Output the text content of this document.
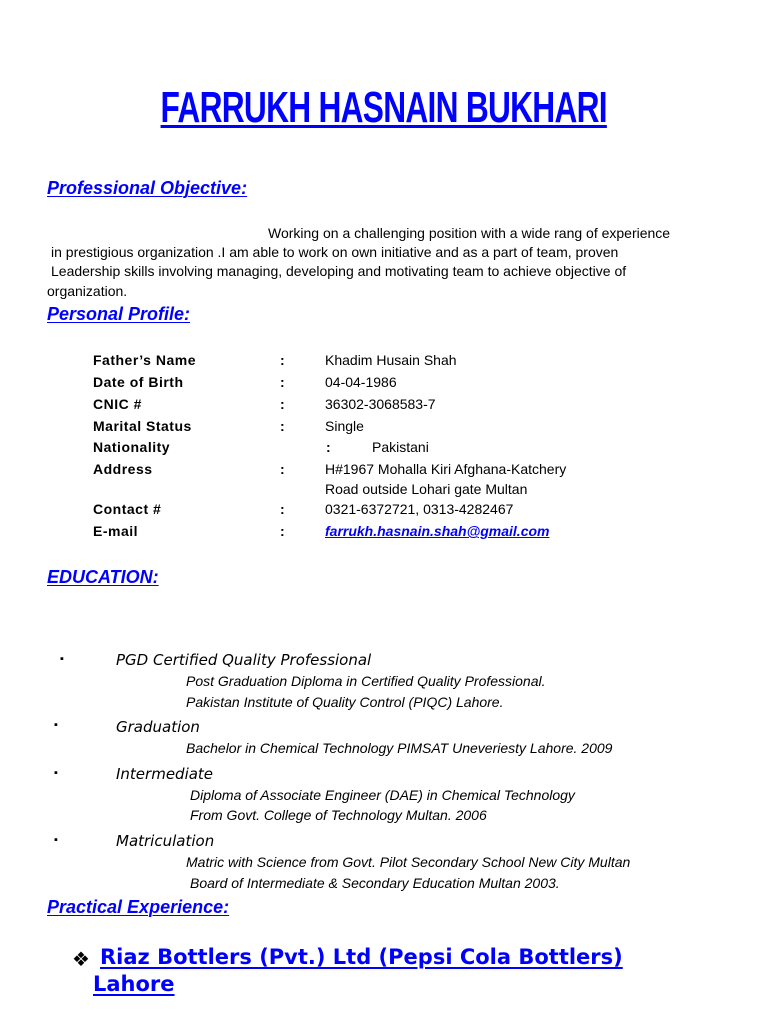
FARRUKH HASNAIN BUKHARI
Professional Objective:
Working on a challenging position with a wide rang of experience
in prestigious organization .I am able to work on own initiative and as a part of team, proven
Leadership skills involving managing, developing and motivating team to achieve objective of
organization.
Personal Profile:
Father’s Name	:	Khadim Husain Shah
Date of Birth	:	04-04-1986
CNIC #	:	36302-3068583-7
Marital Status	:	Single
Nationality	:	Pakistani
Address	:	H#1967 Mohalla Kiri Afghana-Katchery
Road outside Lohari gate Multan
Contact #	:	0321-6372721, 0313-4282467
E-mail	:	farrukh.hasnain.shah@gmail.com
EDUCATION:
▪	PGD Certified Quality Professional
Post Graduation Diploma in Certified Quality Professional.
Pakistan Institute of Quality Control (PIQC) Lahore.
▪	Graduation
Bachelor in Chemical Technology PIMSAT Uneveriesty Lahore. 2009
▪	Intermediate
Diploma of Associate Engineer (DAE) in Chemical Technology
From Govt. College of Technology Multan. 2006
▪	Matriculation
Matric with Science from Govt. Pilot Secondary School New City Multan
Board of Intermediate & Secondary Education Multan 2003.
Practical Experience:
❖ Riaz Bottlers (Pvt.) Ltd (Pepsi Cola Bottlers)
Lahore
